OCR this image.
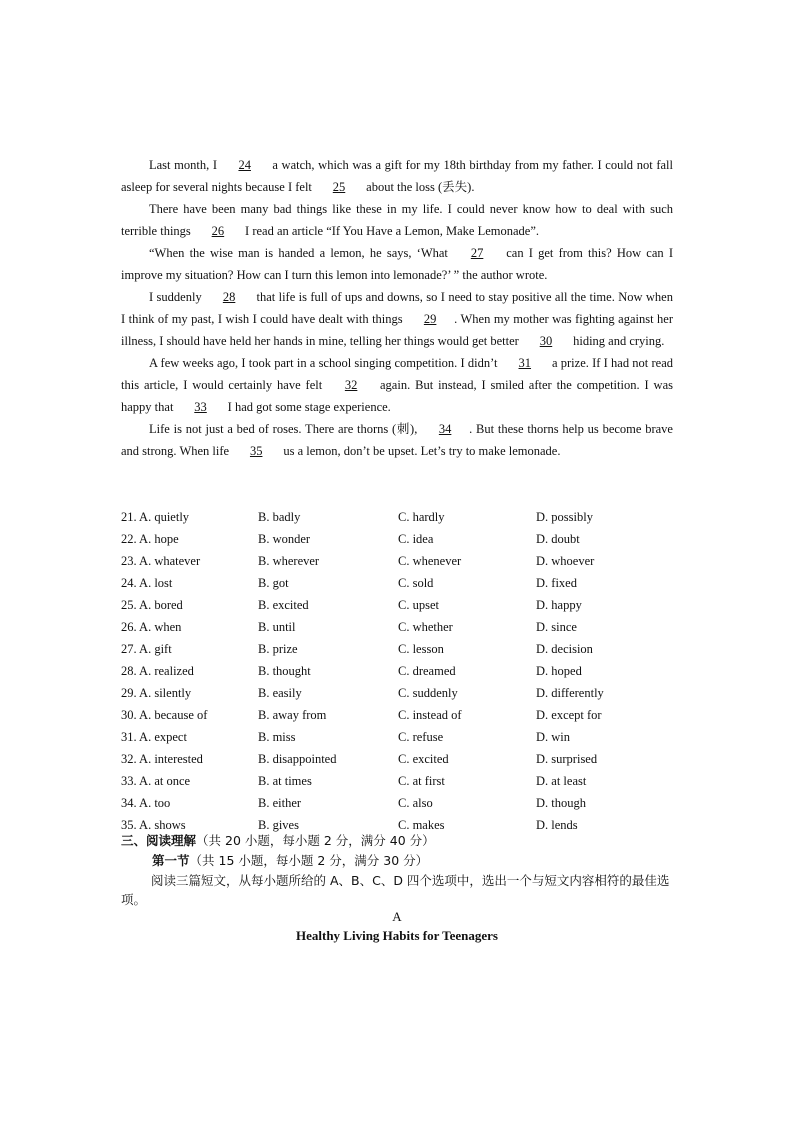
Last month, I 24 a watch, which was a gift for my 18th birthday from my father. I could not fall asleep for several nights because I felt 25 about the loss (丢失).

There have been many bad things like these in my life. I could never know how to deal with such terrible things 26 I read an article “If You Have a Lemon, Make Lemonade”.

“When the wise man is handed a lemon, he says, ‘What 27 can I get from this? How can I improve my situation? How can I turn this lemon into lemonade?’ ” the author wrote.

I suddenly 28 that life is full of ups and downs, so I need to stay positive all the time. Now when I think of my past, I wish I could have dealt with things 29 . When my mother was fighting against her illness, I should have held her hands in mine, telling her things would get better 30 hiding and crying.

A few weeks ago, I took part in a school singing competition. I didn’t 31 a prize. If I had not read this article, I would certainly have felt 32 again. But instead, I smiled after the competition. I was happy that 33 I had got some stage experience.

Life is not just a bed of roses. There are thorns (刺), 34 . But these thorns help us become brave and strong. When life 35 us a lemon, don’t be upset. Let’s try to make lemonade.

21. A. quietly	B. badly	C. hardly	D. possibly
22. A. hope	B. wonder	C. idea	D. doubt
23. A. whatever	B. wherever	C. whenever	D. whoever
24. A. lost	B. got	C. sold	D. fixed
25. A. bored	B. excited	C. upset	D. happy
26. A. when	B. until	C. whether	D. since
27. A. gift	B. prize	C. lesson	D. decision
28. A. realized	B. thought	C. dreamed	D. hoped
29. A. silently	B. easily	C. suddenly	D. differently
30. A. because of	B. away from	C. instead of	D. except for
31. A. expect	B. miss	C. refuse	D. win
32. A. interested	B. disappointed	C. excited	D. surprised
33. A. at once	B. at times	C. at first	D. at least
34. A. too	B. either	C. also	D. though
35. A. shows	B. gives	C. makes	D. lends
三、阅读理解（共 20 小题，每小题 2 分，满分 40 分）
第一节（共 15 小题，每小题 2 分，满分 30 分）
阅读三篇短文，从每小题所给的 A、B、C、D 四个选项中，选出一个与短文内容相符的最佳选项。
A
Healthy Living Habits for Teenagers
